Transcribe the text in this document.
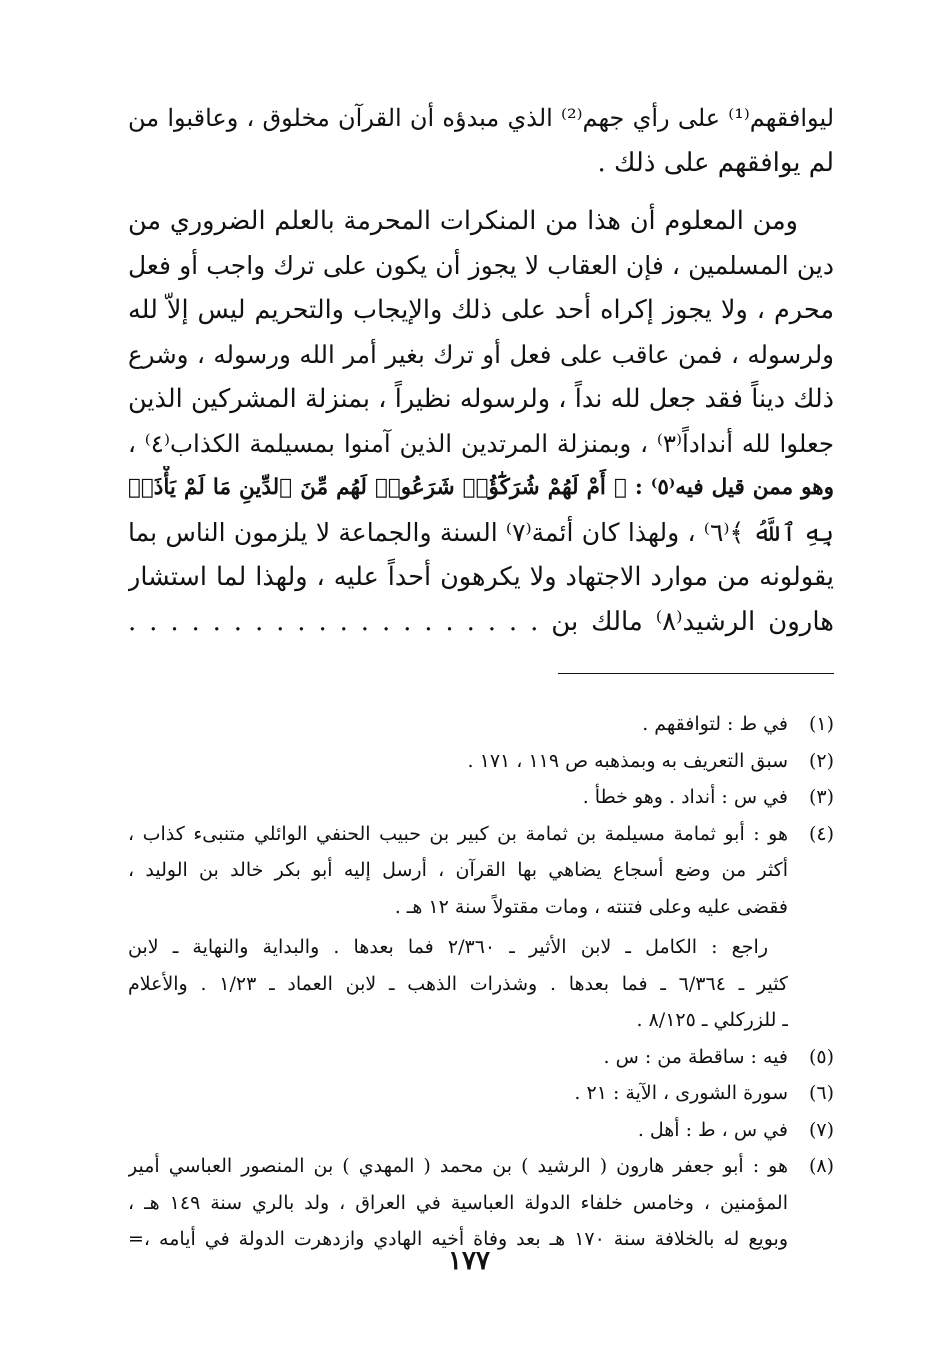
ليوافقهم⁽¹⁾ على رأي جهم⁽²⁾ الذي مبدؤه أن القرآن مخلوق ، وعاقبوا من
لم يوافقهم على ذلك .

ومن المعلوم أن هذا من المنكرات المحرمة بالعلم الضروري من
دين المسلمين ، فإن العقاب لا يجوز أن يكون على ترك واجب أو فعل
محرم ، ولا يجوز إكراه أحد على ذلك والإيجاب والتحريم ليس إلاّ لله
ولرسوله ، فمن عاقب على فعل أو ترك بغير أمر الله ورسوله ، وشرع
ذلك ديناً فقد جعل لله نداً ، ولرسوله نظيراً ، بمنزلة المشركين الذين
جعلوا لله أنداداً⁽٣⁾ ، وبمنزلة المرتدين الذين آمنوا بمسيلمة الكذاب⁽٤⁾ ،
وهو ممن قيل فيه⁽٥⁾ : ﴿ أَمْ لَهُمْ شُرَكَٰٓؤُا۟ شَرَعُوا۟ لَهُم مِّنَ ٱلدِّينِ مَا لَمْ يَأْذَنۢ
بِهِ ٱللَّهُ ﴾⁽٦⁾ ، ولهذا كان أئمة⁽٧⁾ السنة والجماعة لا يلزمون الناس بما
يقولونه من موارد الاجتهاد ولا يكرهون أحداً عليه ، ولهذا لما استشار
هارون الرشيد⁽٨⁾ مالك بن . . . . . . . . . . . . . . . . . . . .

(١)
في ط : لتوافقهم .
(٢)
سبق التعريف به وبمذهبه ص ١١٩ ، ١٧١ .
(٣)
في س : أنداد . وهو خطأ .
(٤)
هو : أبو ثمامة مسيلمة بن ثمامة بن كبير بن حبيب الحنفي الوائلي متنبىء كذاب ،
أكثر من وضع أسجاع يضاهي بها القرآن ، أرسل إليه أبو بكر خالد بن الوليد ،
فقضى عليه وعلى فتنته ، ومات مقتولاً سنة ١٢ هـ .
راجع : الكامل ـ لابن الأثير ـ ٢/٣٦٠ فما بعدها . والبداية والنهاية ـ لابن
كثير ـ ٦/٣٦٤ ـ فما بعدها . وشذرات الذهب ـ لابن العماد ـ ١/٢٣ . والأعلام
ـ للزركلي ـ ٨/١٢٥ .
(٥)
فيه : ساقطة من : س .
(٦)
سورة الشورى ، الآية : ٢١ .
(٧)
في س ، ط : أهل .
(٨)
هو : أبو جعفر هارون ( الرشيد ) بن محمد ( المهدي ) بن المنصور العباسي أمير
المؤمنين ، وخامس خلفاء الدولة العباسية في العراق ، ولد بالري سنة ١٤٩ هـ ،
وبويع له بالخلافة سنة ١٧٠ هـ بعد وفاة أخيه الهادي وازدهرت الدولة في أيامه ،=
١٧٧
